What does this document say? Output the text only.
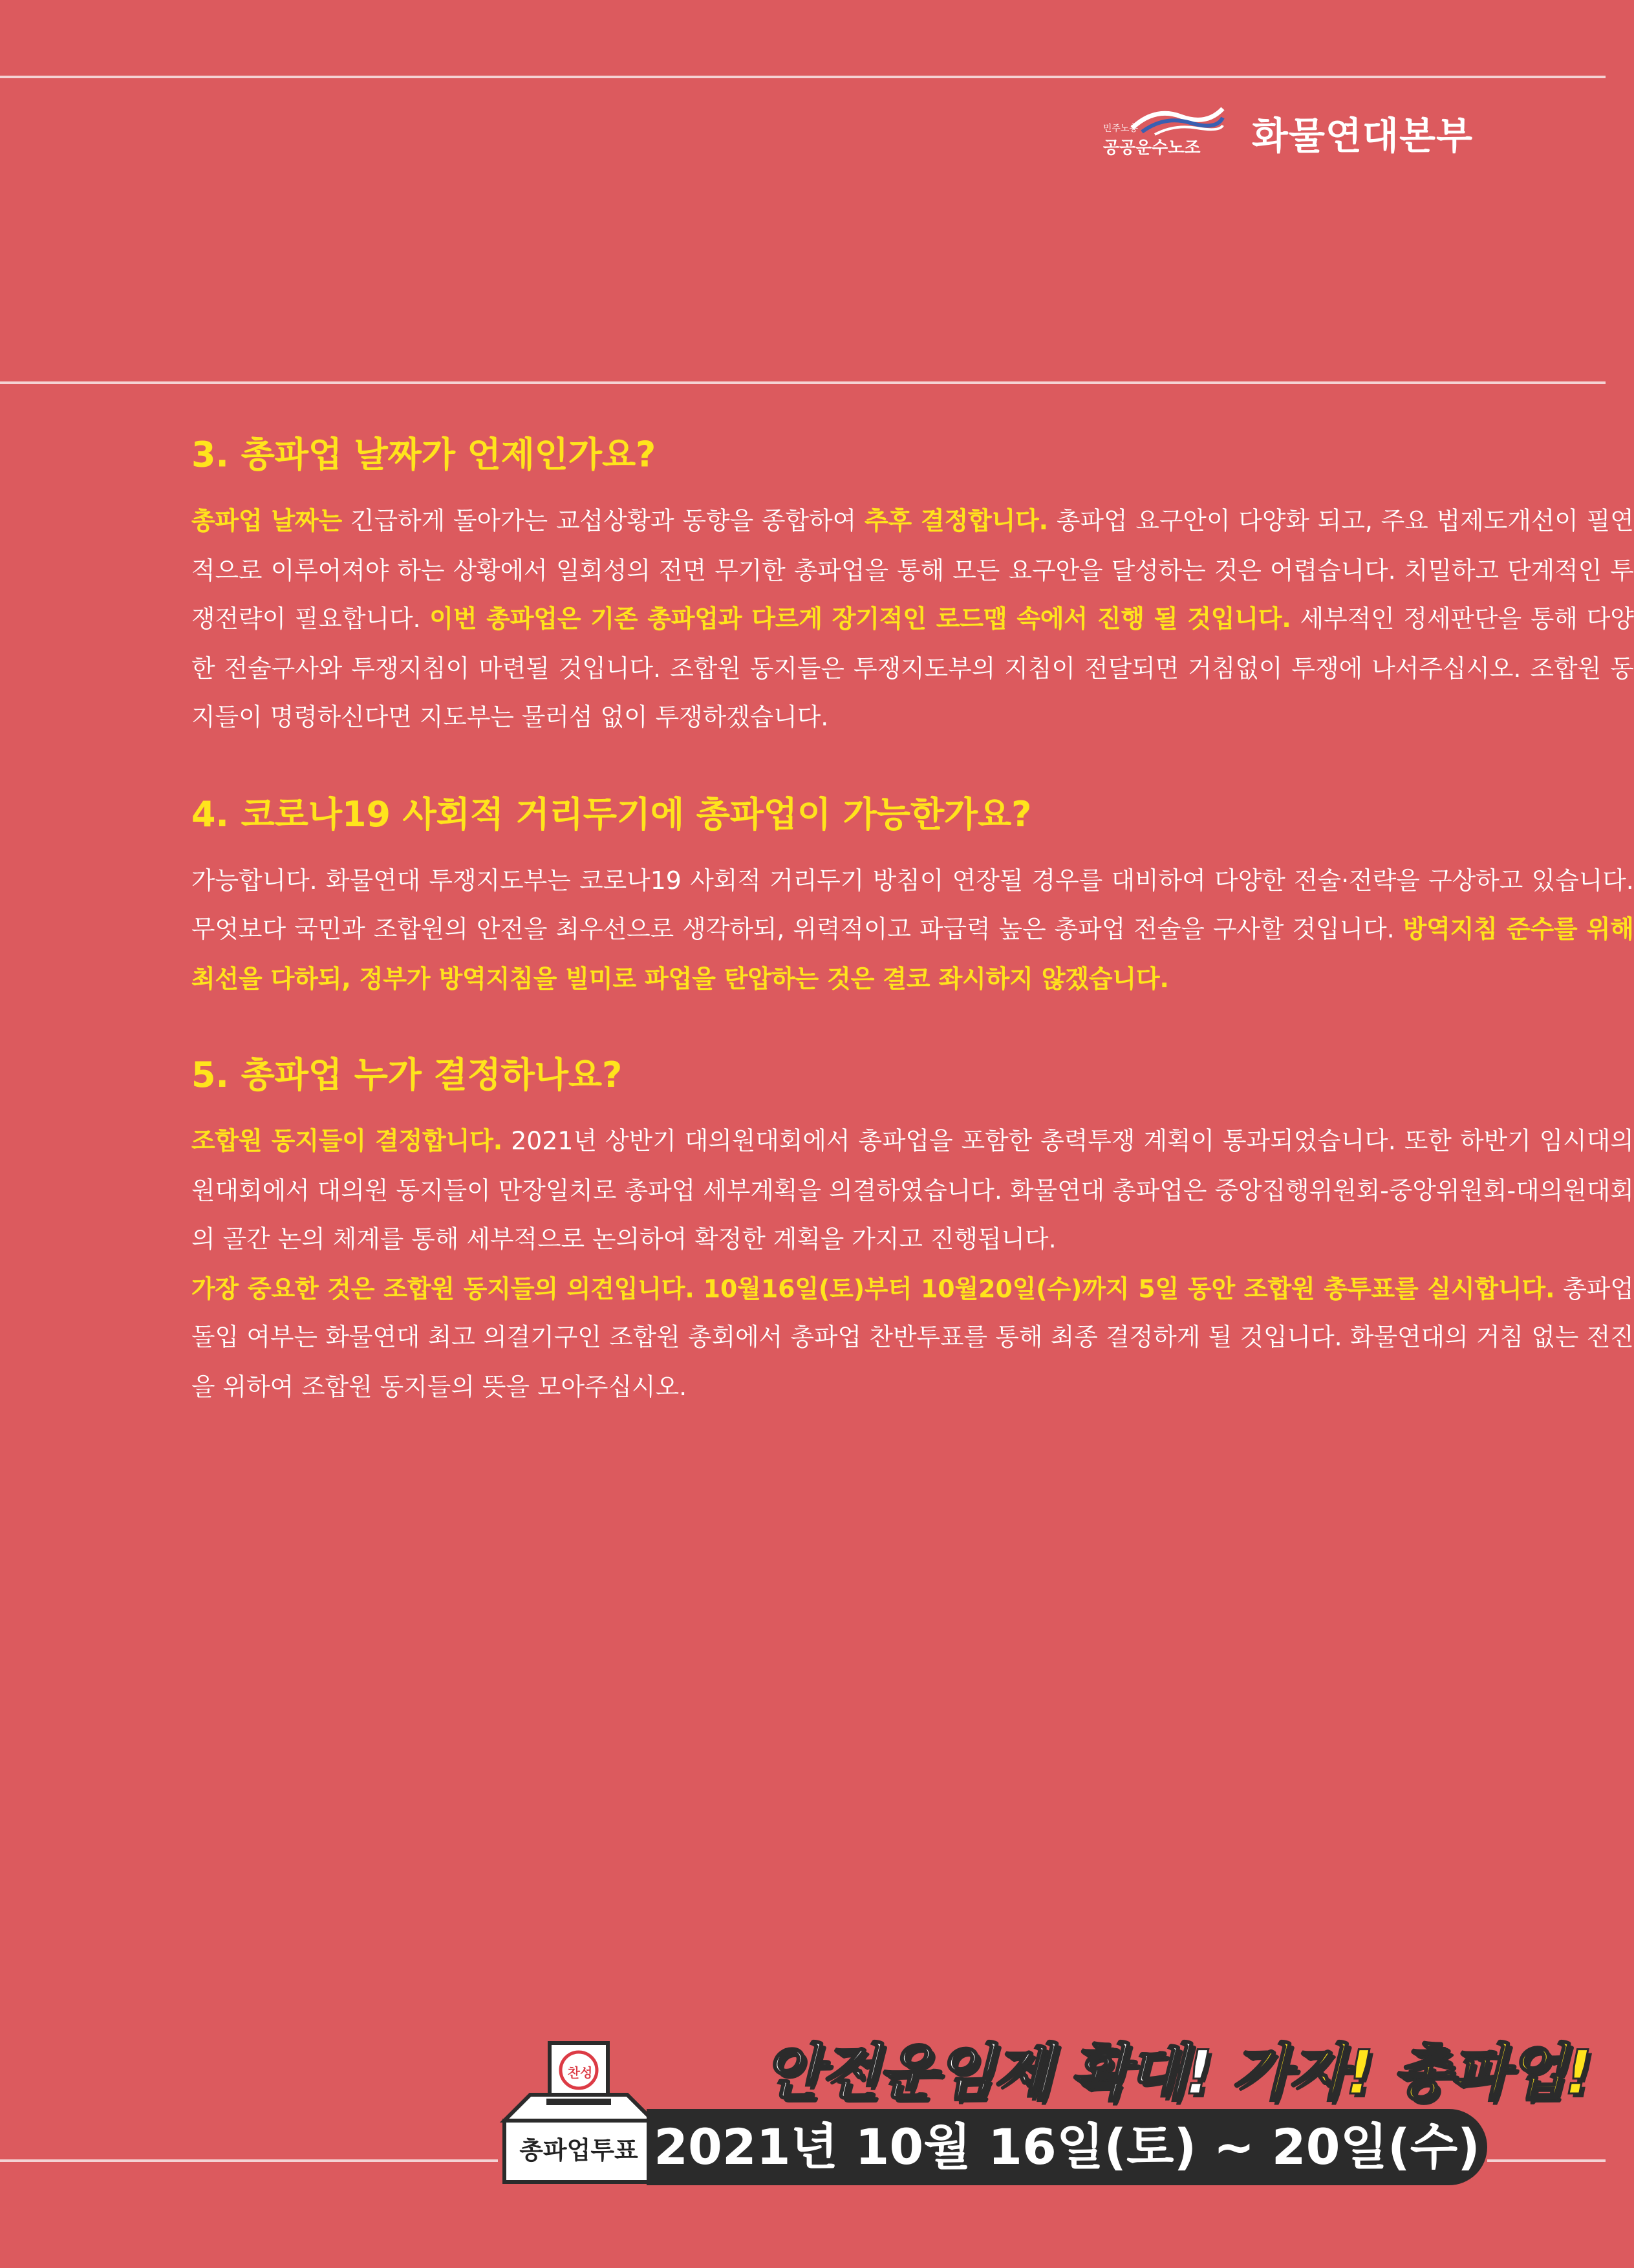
민주노총
공공운수노조 화물연대본부
3. 총파업 날짜가 언제인가요?

총파업 날짜는 긴급하게 돌아가는 교섭상황과 동향을 종합하여 추후 결정합니다. 총파업 요구안이 다양화 되고, 주요 법제도개선이 필연적으로 이루어져야 하는 상황에서 일회성의 전면 무기한 총파업을 통해 모든 요구안을 달성하는 것은 어렵습니다. 치밀하고 단계적인 투쟁전략이 필요합니다. 이번 총파업은 기존 총파업과 다르게 장기적인 로드맵 속에서 진행 될 것입니다. 세부적인 정세판단을 통해 다양한 전술구사와 투쟁지침이 마련될 것입니다. 조합원 동지들은 투쟁지도부의 지침이 전달되면 거침없이 투쟁에 나서주십시오. 조합원 동지들이 명령하신다면 지도부는 물러섬 없이 투쟁하겠습니다.

4. 코로나19 사회적 거리두기에 총파업이 가능한가요?

가능합니다. 화물연대 투쟁지도부는 코로나19 사회적 거리두기 방침이 연장될 경우를 대비하여 다양한 전술·전략을 구상하고 있습니다. 무엇보다 국민과 조합원의 안전을 최우선으로 생각하되, 위력적이고 파급력 높은 총파업 전술을 구사할 것입니다. 방역지침 준수를 위해 최선을 다하되, 정부가 방역지침을 빌미로 파업을 탄압하는 것은 결코 좌시하지 않겠습니다.

5. 총파업 누가 결정하나요?

조합원 동지들이 결정합니다. 2021년 상반기 대의원대회에서 총파업을 포함한 총력투쟁 계획이 통과되었습니다. 또한 하반기 임시대의원대회에서 대의원 동지들이 만장일치로 총파업 세부계획을 의결하였습니다. 화물연대 총파업은 중앙집행위원회-중앙위원회-대의원대회의 골간 논의 체계를 통해 세부적으로 논의하여 확정한 계획을 가지고 진행됩니다.

가장 중요한 것은 조합원 동지들의 의견입니다. 10월16일(토)부터 10월20일(수)까지 5일 동안 조합원 총투표를 실시합니다. 총파업 돌입 여부는 화물연대 최고 의결기구인 조합원 총회에서 총파업 찬반투표를 통해 최종 결정하게 될 것입니다. 화물연대의 거침 없는 전진을 위하여 조합원 동지들의 뜻을 모아주십시오.

찬성
총파업투표
안전운임제 확대! 가자! 총파업!
2021년 10월 16일(토) ~ 20일(수)
